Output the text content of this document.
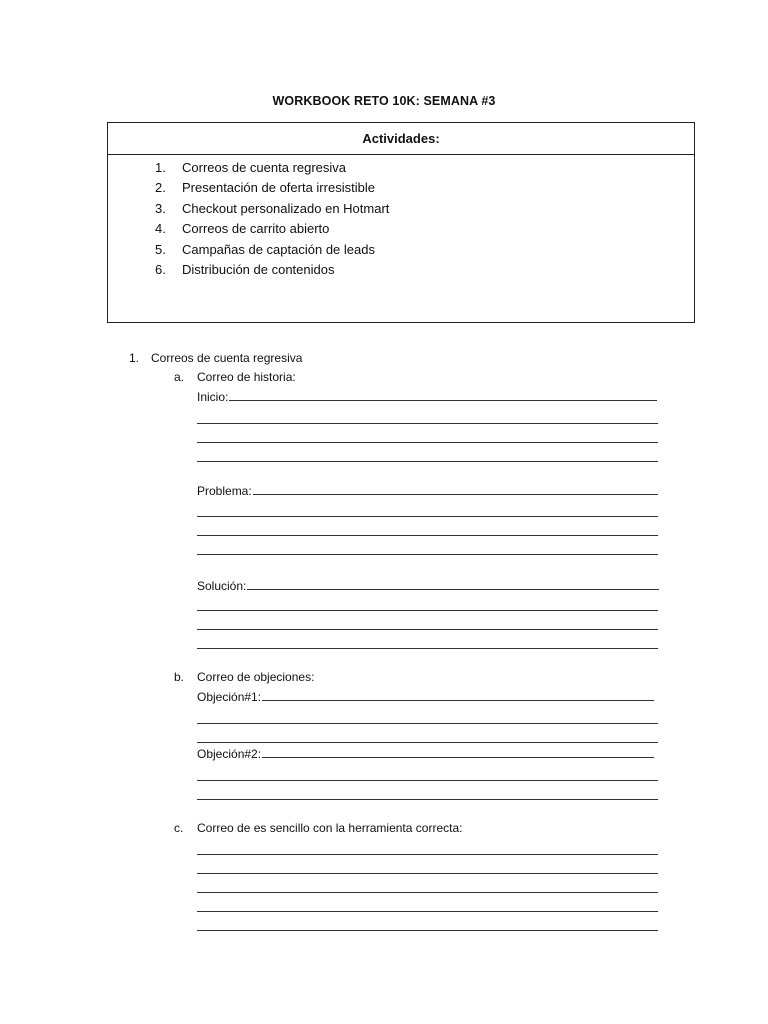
WORKBOOK RETO 10K: SEMANA #3
Actividades:
1.	Correos de cuenta regresiva
2.	Presentación de oferta irresistible
3.	Checkout personalizado en Hotmart
4.	Correos de carrito abierto
5.	Campañas de captación de leads
6.	Distribución de contenidos
1. Correos de cuenta regresiva
a.	Correo de historia:
Inicio:
Problema:
Solución:
b.	Correo de objeciones:
Objeción#1:
Objeción#2:
c.	Correo de es sencillo con la herramienta correcta:
